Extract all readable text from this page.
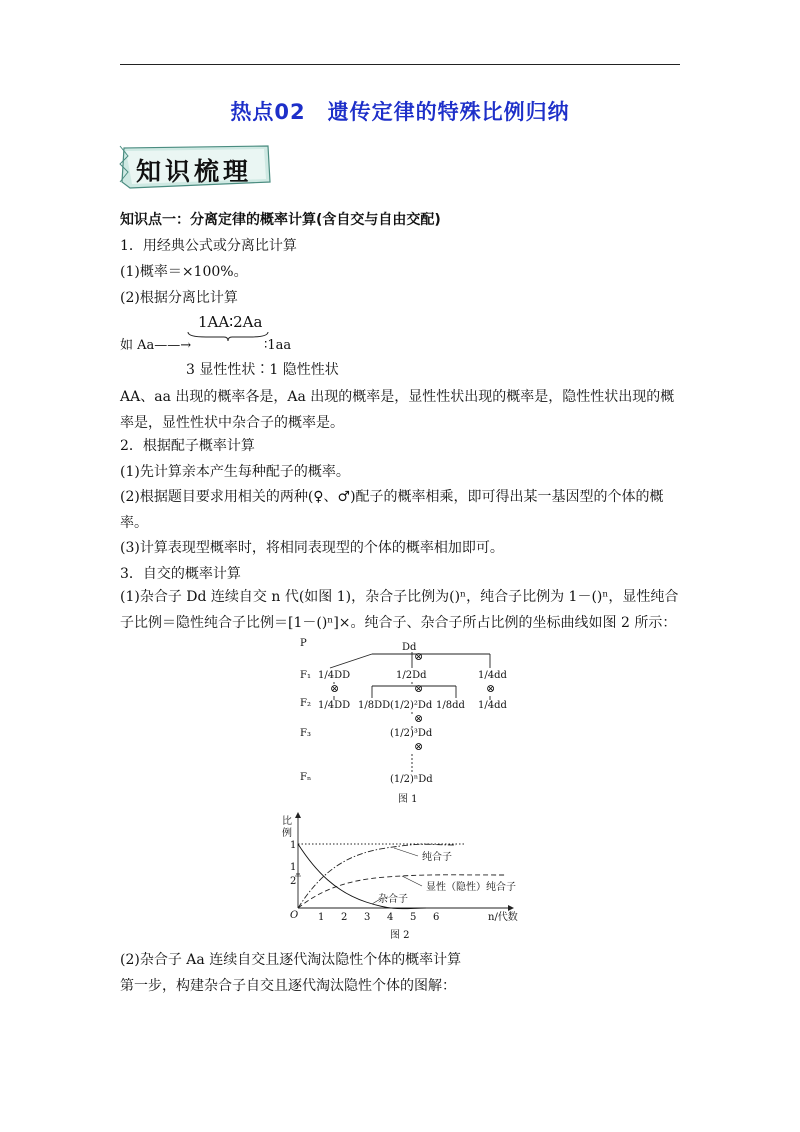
热点02　遗传定律的特殊比例归纳
知识梳理
知识点一：分离定律的概率计算(含自交与自由交配)
1．用经典公式或分离比计算
(1)概率＝×100%。
(2)根据分离比计算
如 Aa——→
1AA∶2Aa
∶1aa
3 显性性状∶1 隐性性状
AA、aa 出现的概率各是，Aa 出现的概率是，显性性状出现的概率是，隐性性状出现的概率是，显性性状中杂合子的概率是。
2．根据配子概率计算
(1)先计算亲本产生每种配子的概率。
(2)根据题目要求用相关的两种(♀、♂)配子的概率相乘，即可得出某一基因型的个体的概率。
(3)计算表现型概率时，将相同表现型的个体的概率相加即可。
3．自交的概率计算
(1)杂合子 Dd 连续自交 n 代(如图 1)，杂合子比例为()ⁿ，纯合子比例为 1－()ⁿ，显性纯合子比例＝隐性纯合子比例＝[1－()ⁿ]×。纯合子、杂合子所占比例的坐标曲线如图 2 所示：
P
F₁
F₂
F₃
Fₙ
Dd
⊗
1/4DD	1/2Dd	1/4dd
⊗	⊗	⊗
1/4DD 1/8DD (1/2)²Dd 1/8dd 1/4dd
⊗
(1/2)³Dd
⊗
(1/2)ⁿDd
图 1
比
例
1
1
2
O 1 2 3 4 5 6	n/代数
纯合子
显性（隐性）纯合子
杂合子
图 2
(2)杂合子 Aa 连续自交且逐代淘汰隐性个体的概率计算
第一步，构建杂合子自交且逐代淘汰隐性个体的图解：
